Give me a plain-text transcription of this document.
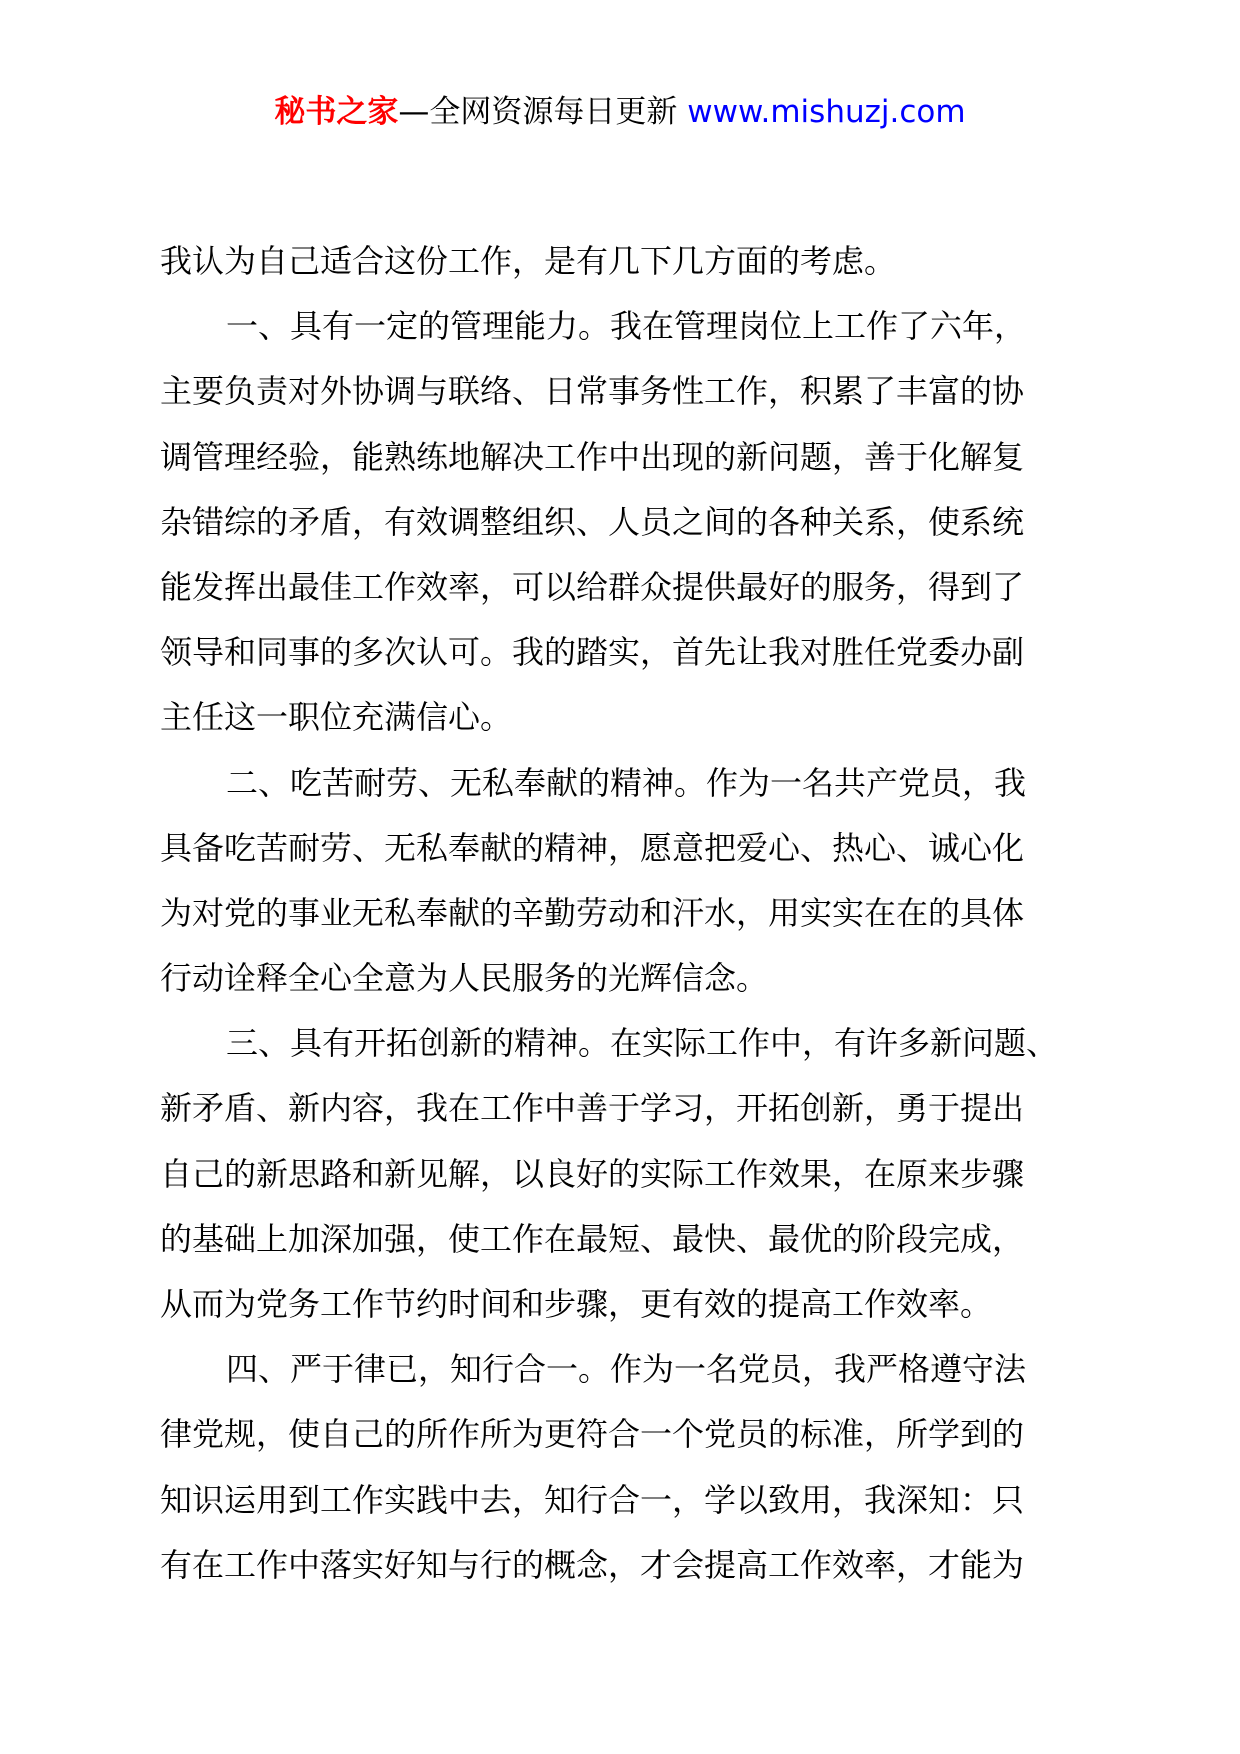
秘书之家—全网资源每日更新 www.mishuzj.com
我认为自己适合这份工作，是有几下几方面的考虑。
一、具有一定的管理能力。我在管理岗位上工作了六年，
主要负责对外协调与联络、日常事务性工作，积累了丰富的协
调管理经验，能熟练地解决工作中出现的新问题，善于化解复
杂错综的矛盾，有效调整组织、人员之间的各种关系，使系统
能发挥出最佳工作效率，可以给群众提供最好的服务，得到了
领导和同事的多次认可。我的踏实，首先让我对胜任党委办副
主任这一职位充满信心。
二、吃苦耐劳、无私奉献的精神。作为一名共产党员，我
具备吃苦耐劳、无私奉献的精神，愿意把爱心、热心、诚心化
为对党的事业无私奉献的辛勤劳动和汗水，用实实在在的具体
行动诠释全心全意为人民服务的光辉信念。
三、具有开拓创新的精神。在实际工作中，有许多新问题、
新矛盾、新内容，我在工作中善于学习，开拓创新，勇于提出
自己的新思路和新见解，以良好的实际工作效果，在原来步骤
的基础上加深加强，使工作在最短、最快、最优的阶段完成，
从而为党务工作节约时间和步骤，更有效的提高工作效率。
四、严于律已，知行合一。作为一名党员，我严格遵守法
律党规，使自己的所作所为更符合一个党员的标准，所学到的
知识运用到工作实践中去，知行合一，学以致用，我深知：只
有在工作中落实好知与行的概念，才会提高工作效率，才能为
